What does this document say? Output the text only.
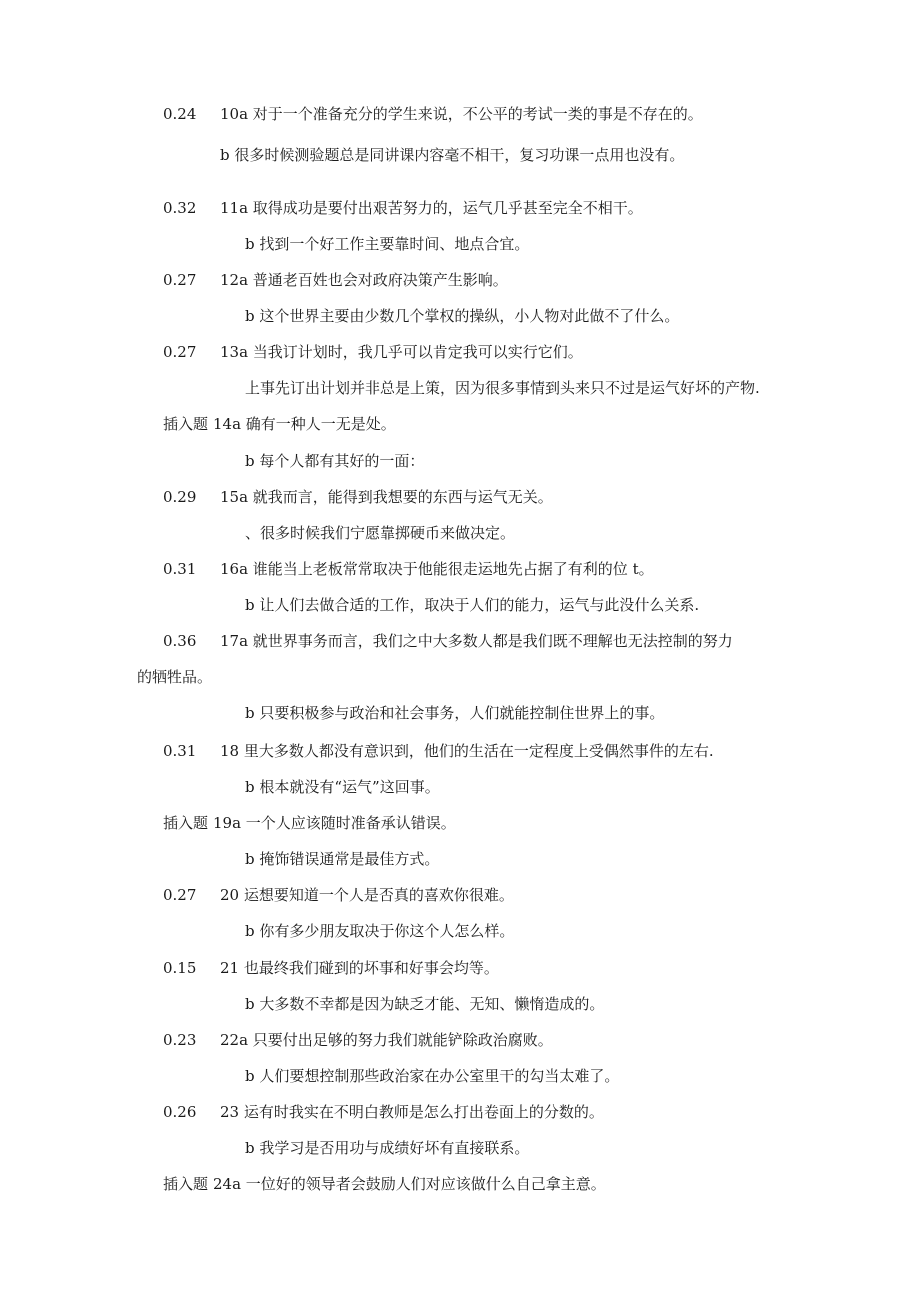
0.24 10a 对于一个准备充分的学生来说，不公平的考试一类的事是不存在的。
b 很多时候测验题总是同讲课内容毫不相干，复习功课一点用也没有。
0.32 11a 取得成功是要付出艰苦努力的，运气几乎甚至完全不相干。
b 找到一个好工作主要靠时间、地点合宜。
0.27 12a 普通老百姓也会对政府决策产生影响。
b 这个世界主要由少数几个掌权的操纵，小人物对此做不了什么。
0.27 13a 当我订计划时，我几乎可以肯定我可以实行它们。
上事先订出计划并非总是上策，因为很多事情到头来只不过是运气好坏的产物.
插入题 14a 确有一种人一无是处。
b 每个人都有其好的一面：
0.29 15a 就我而言，能得到我想要的东西与运气无关。
、很多时候我们宁愿靠掷硬币来做决定。
0.31 16a 谁能当上老板常常取决于他能很走运地先占据了有利的位 t。
b 让人们去做合适的工作，取决于人们的能力，运气与此没什么关系.
0.36 17a 就世界事务而言，我们之中大多数人都是我们既不理解也无法控制的努力
的牺牲品。
b 只要积极参与政治和社会事务，人们就能控制住世界上的事。
0.31 18 里大多数人都没有意识到，他们的生活在一定程度上受偶然事件的左右.
b 根本就没有“运气”这回事。
插入题 19a 一个人应该随时准备承认错误。
b 掩饰错误通常是最佳方式。
0.27 20 运想要知道一个人是否真的喜欢你很难。
b 你有多少朋友取决于你这个人怎么样。
0.15 21 也最终我们碰到的坏事和好事会均等。
b 大多数不幸都是因为缺乏才能、无知、懒惰造成的。
0.23 22a 只要付出足够的努力我们就能铲除政治腐败。
b 人们要想控制那些政治家在办公室里干的勾当太难了。
0.26 23 运有时我实在不明白教师是怎么打出卷面上的分数的。
b 我学习是否用功与成绩好坏有直接联系。
插入题 24a 一位好的领导者会鼓励人们对应该做什么自己拿主意。
